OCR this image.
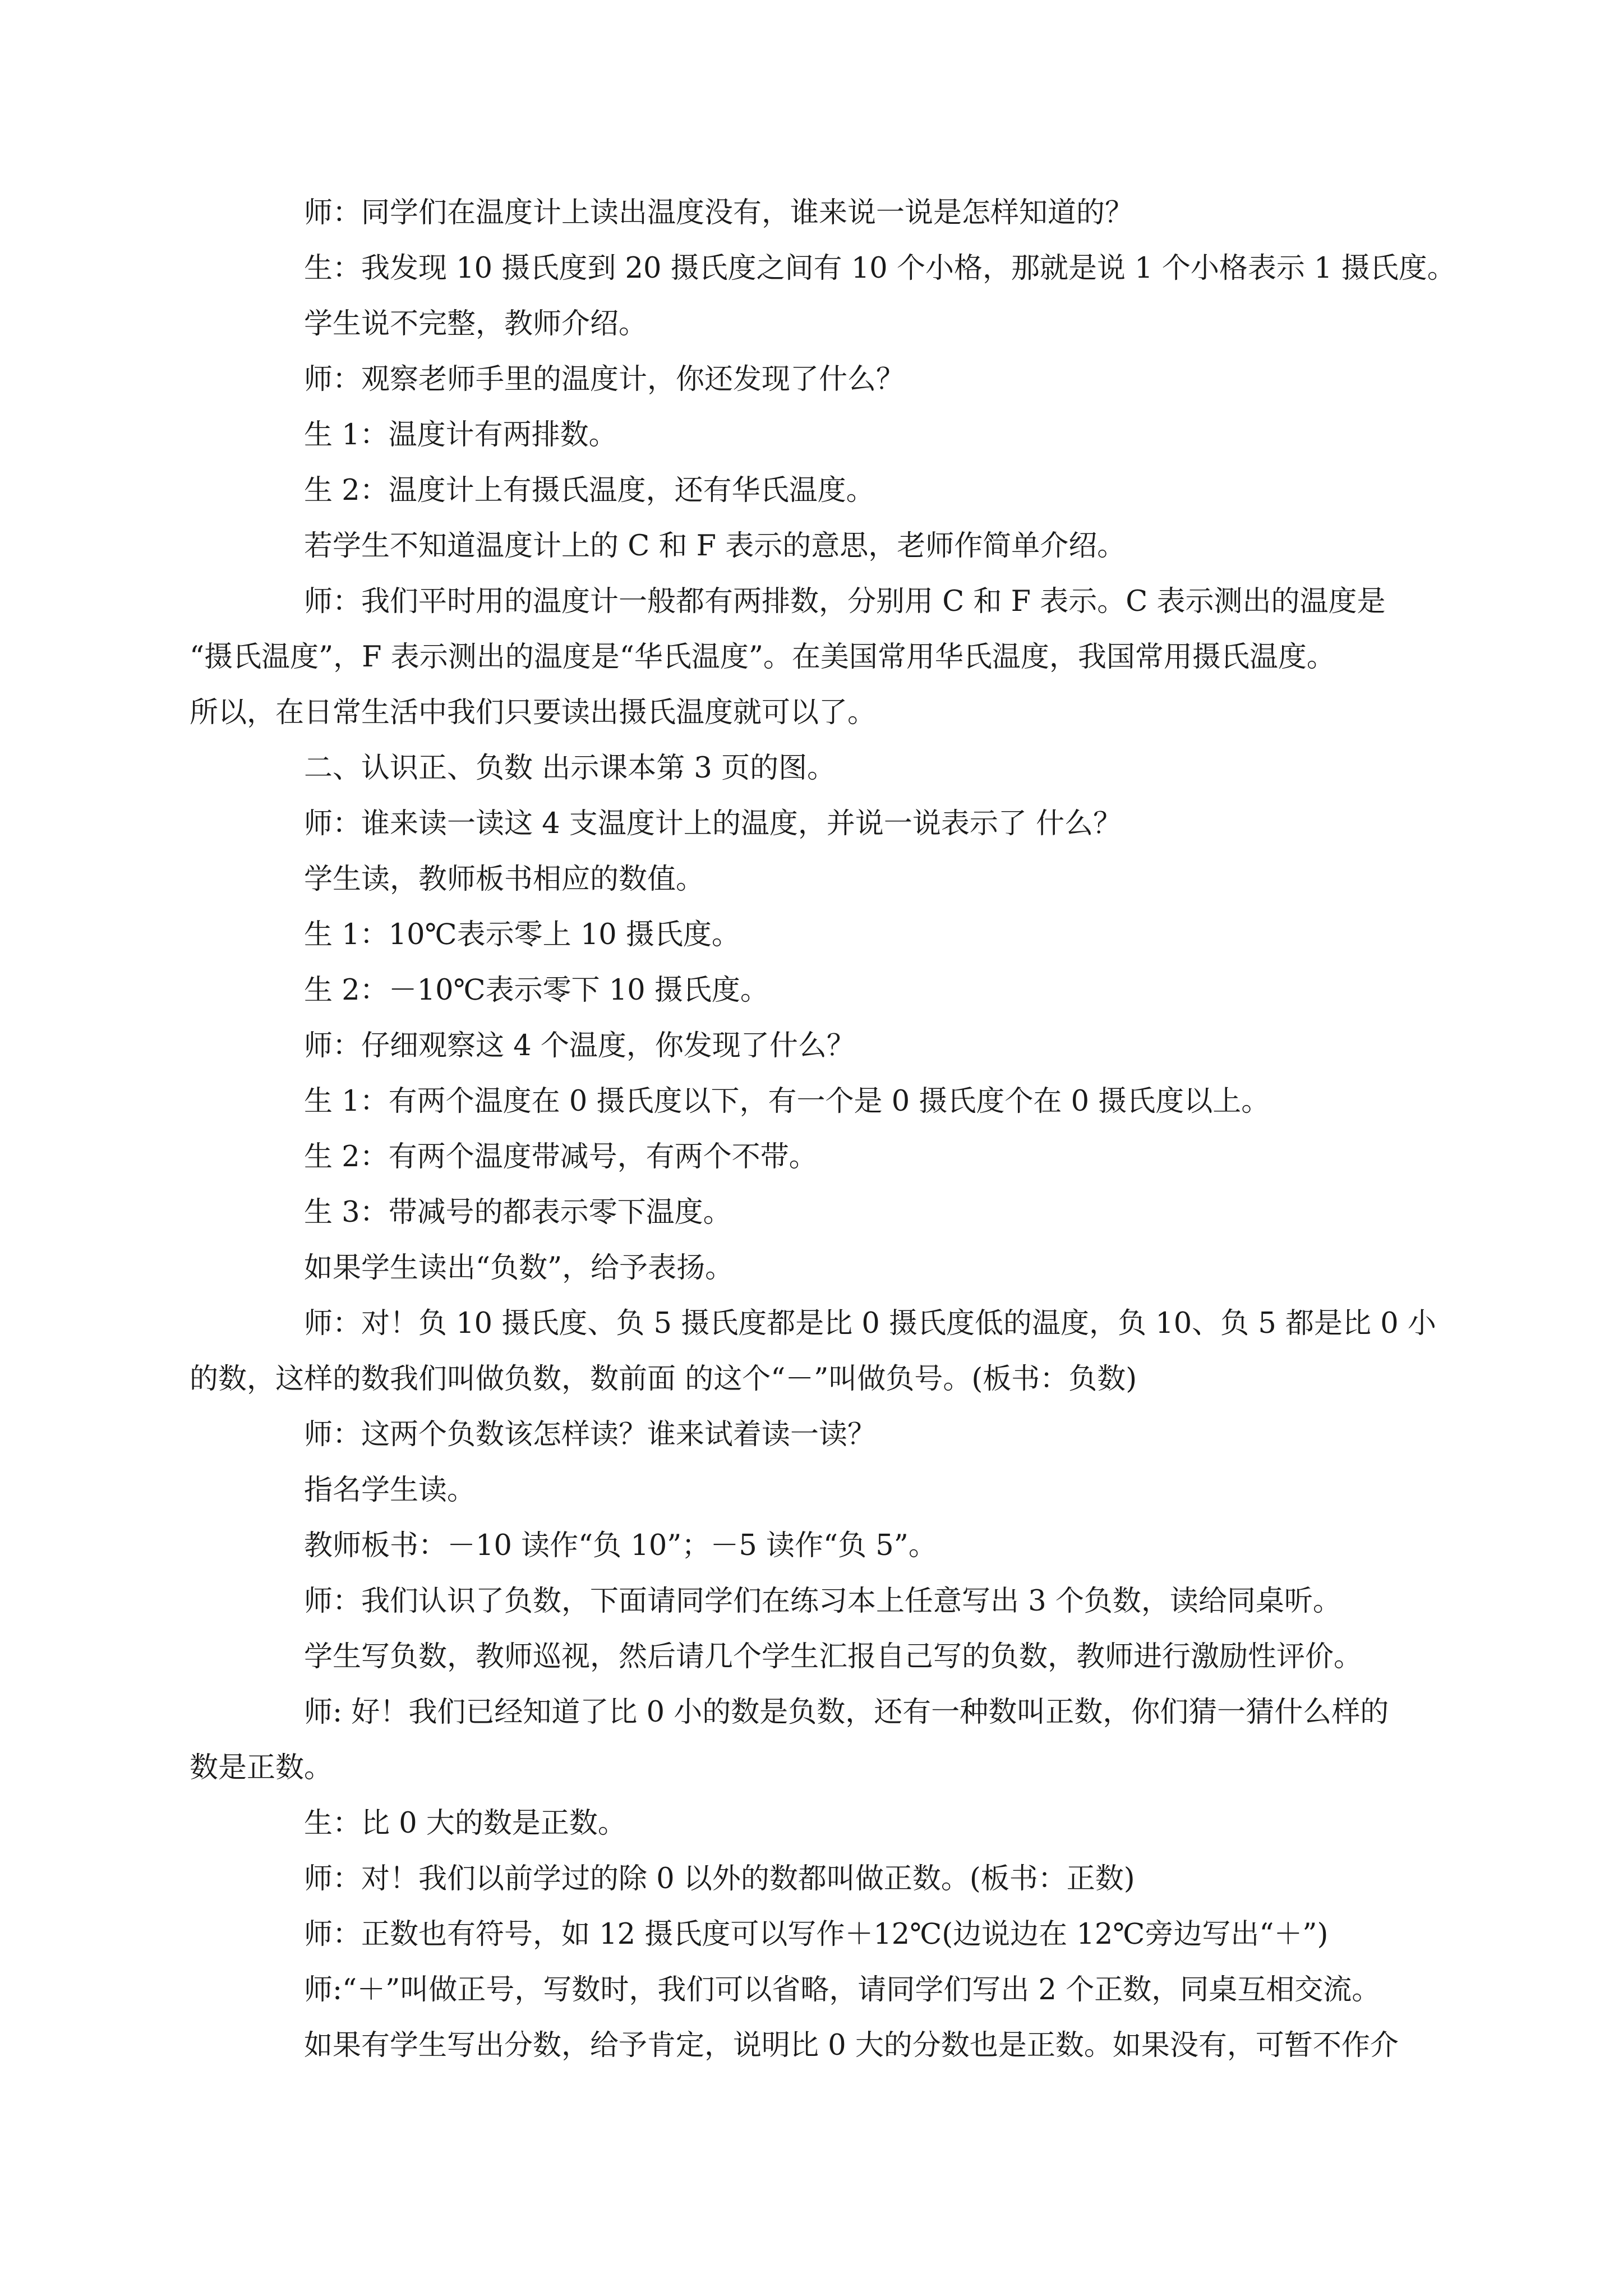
师：同学们在温度计上读出温度没有，谁来说一说是怎样知道的？

生：我发现 10 摄氏度到 20 摄氏度之间有 10 个小格，那就是说 1 个小格表示 1 摄氏度。

学生说不完整，教师介绍。

师：观察老师手里的温度计，你还发现了什么？

生 1：温度计有两排数。

生 2：温度计上有摄氏温度，还有华氏温度。

若学生不知道温度计上的 C 和 F 表示的意思，老师作简单介绍。

师：我们平时用的温度计一般都有两排数，分别用 C 和 F 表示。C 表示测出的温度是
“摄氏温度”，F 表示测出的温度是“华氏温度”。在美国常用华氏温度，我国常用摄氏温度。
所以，在日常生活中我们只要读出摄氏温度就可以了。

二、认识正、负数 出示课本第 3 页的图。

师：谁来读一读这 4 支温度计上的温度，并说一说表示了 什么？

学生读，教师板书相应的数值。

生 1：10℃表示零上 10 摄氏度。

生 2：－10℃表示零下 10 摄氏度。

师：仔细观察这 4 个温度，你发现了什么？

生 1：有两个温度在 0 摄氏度以下，有一个是 0 摄氏度个在 0 摄氏度以上。

生 2：有两个温度带减号，有两个不带。

生 3：带减号的都表示零下温度。

如果学生读出“负数”，给予表扬。

师：对！负 10 摄氏度、负 5 摄氏度都是比 0 摄氏度低的温度，负 10、负 5 都是比 0 小
的数，这样的数我们叫做负数，数前面 的这个“－”叫做负号。(板书：负数)

师：这两个负数该怎样读？谁来试着读一读？

指名学生读。

教师板书：－10 读作“负 10”；－5 读作“负 5”。

师：我们认识了负数，下面请同学们在练习本上任意写出 3 个负数，读给同桌听。

学生写负数，教师巡视，然后请几个学生汇报自己写的负数，教师进行激励性评价。

师: 好！我们已经知道了比 0 小的数是负数，还有一种数叫正数，你们猜一猜什么样的
数是正数。

生：比 0 大的数是正数。

师：对！我们以前学过的除 0 以外的数都叫做正数。(板书：正数)

师：正数也有符号，如 12 摄氏度可以写作＋12℃(边说边在 12℃旁边写出“＋”)

师:“＋”叫做正号，写数时，我们可以省略，请同学们写出 2 个正数，同桌互相交流。

如果有学生写出分数，给予肯定，说明比 0 大的分数也是正数。如果没有，可暂不作介
